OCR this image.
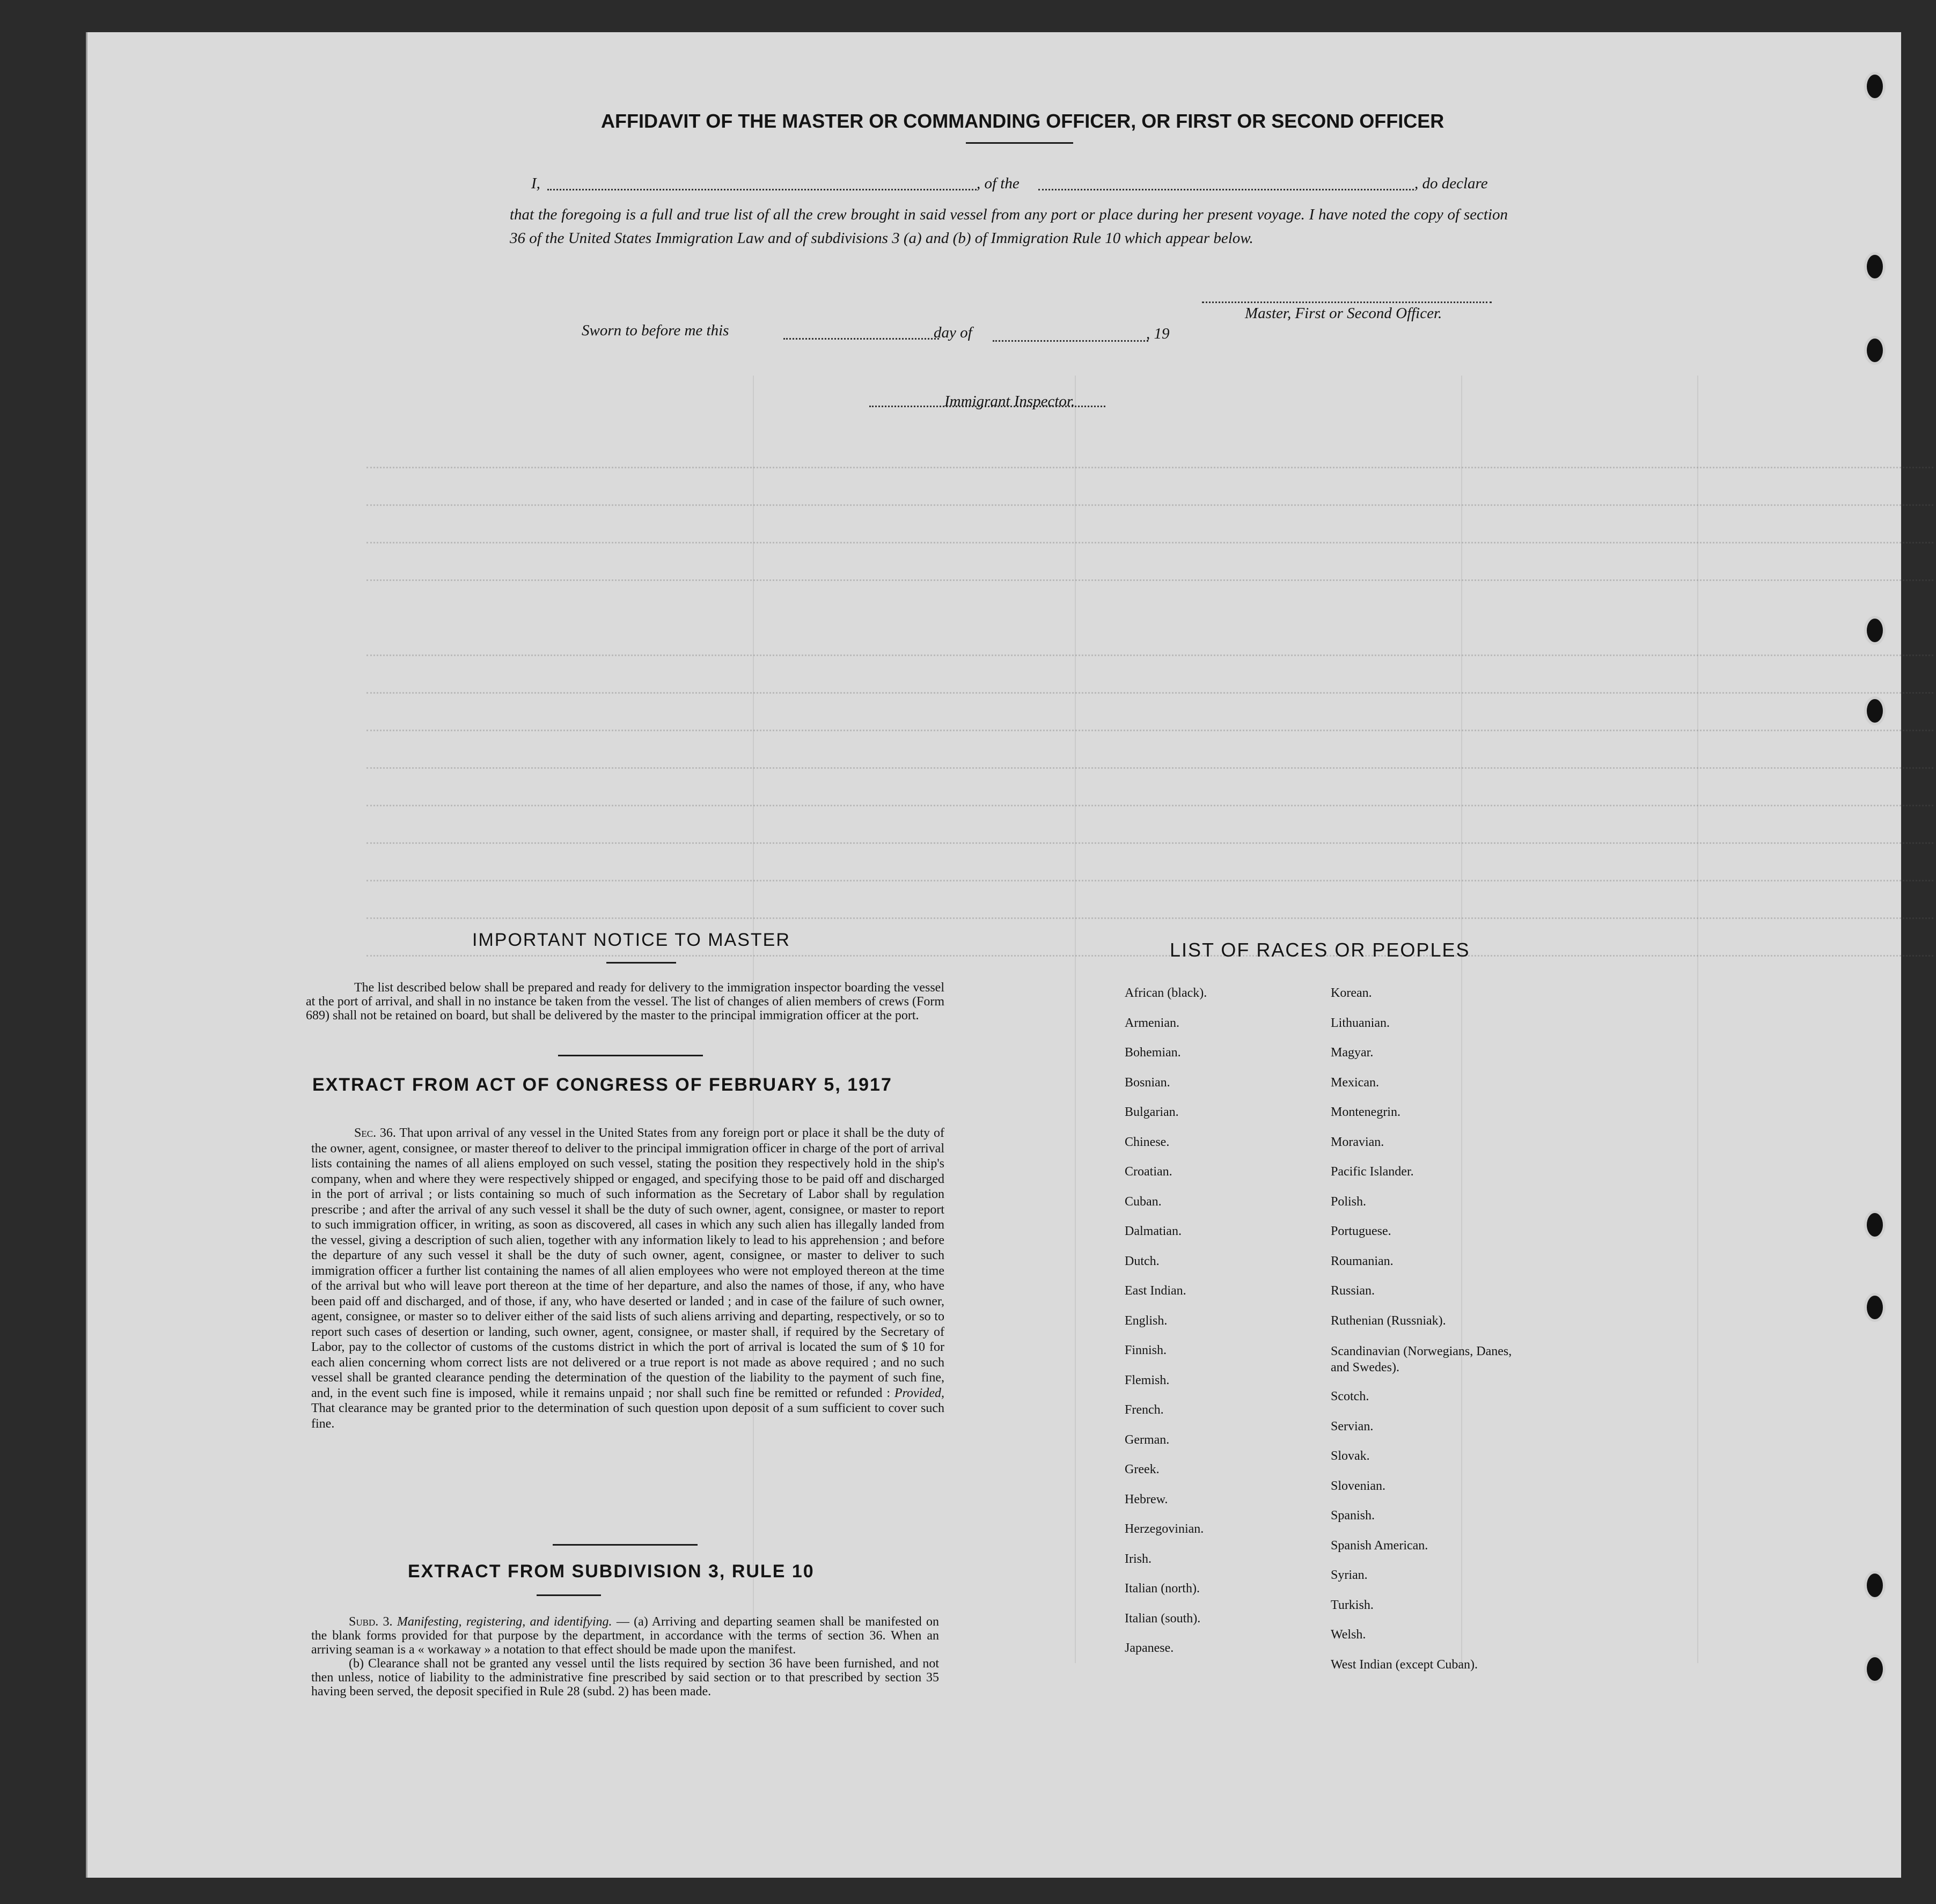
AFFIDAVIT OF THE MASTER OR COMMANDING OFFICER, OR FIRST OR SECOND OFFICER
I,	, of the	, do declare
that the foregoing is a full and true list of all the crew brought in said vessel from any port or place during her present voyage. I have noted the copy of section 36 of the United States Immigration Law and of subdivisions 3 (a) and (b) of Immigration Rule 10 which appear below.
Master, First or Second Officer.
Sworn to before me this	day of	, 19
Immigrant Inspector.
IMPORTANT NOTICE TO MASTER
The list described below shall be prepared and ready for delivery to the immigration inspector boarding the vessel at the port of arrival, and shall in no instance be taken from the vessel. The list of changes of alien members of crews (Form 689) shall not be retained on board, but shall be delivered by the master to the principal immigration officer at the port.
EXTRACT FROM ACT OF CONGRESS OF FEBRUARY 5, 1917
Sec. 36. That upon arrival of any vessel in the United States from any foreign port or place it shall be the duty of the owner, agent, consignee, or master thereof to deliver to the principal immigration officer in charge of the port of arrival lists containing the names of all aliens employed on such vessel, stating the position they respectively hold in the ship's company, when and where they were respectively shipped or engaged, and specifying those to be paid off and discharged in the port of arrival ; or lists containing so much of such information as the Secretary of Labor shall by regulation prescribe ; and after the arrival of any such vessel it shall be the duty of such owner, agent, consignee, or master to report to such immigration officer, in writing, as soon as discovered, all cases in which any such alien has illegally landed from the vessel, giving a description of such alien, together with any information likely to lead to his apprehension ; and before the departure of any such vessel it shall be the duty of such owner, agent, consignee, or master to deliver to such immigration officer a further list containing the names of all alien employees who were not employed thereon at the time of the arrival but who will leave port thereon at the time of her departure, and also the names of those, if any, who have been paid off and discharged, and of those, if any, who have deserted or landed ; and in case of the failure of such owner, agent, consignee, or master so to deliver either of the said lists of such aliens arriving and departing, respectively, or so to report such cases of desertion or landing, such owner, agent, consignee, or master shall, if required by the Secretary of Labor, pay to the collector of customs of the customs district in which the port of arrival is located the sum of $ 10 for each alien concerning whom correct lists are not delivered or a true report is not made as above required ; and no such vessel shall be granted clearance pending the determination of the question of the liability to the payment of such fine, and, in the event such fine is imposed, while it remains unpaid ; nor shall such fine be remitted or refunded : Provided, That clearance may be granted prior to the determination of such question upon deposit of a sum sufficient to cover such fine.
EXTRACT FROM SUBDIVISION 3, RULE 10
Subd. 3. Manifesting, registering, and identifying. — (a) Arriving and departing seamen shall be manifested on the blank forms provided for that purpose by the department, in accordance with the terms of section 36. When an arriving seaman is a « workaway » a notation to that effect should be made upon the manifest.
(b) Clearance shall not be granted any vessel until the lists required by section 36 have been furnished, and not then unless, notice of liability to the administrative fine prescribed by said section or to that prescribed by section 35 having been served, the deposit specified in Rule 28 (subd. 2) has been made.
LIST OF RACES OR PEOPLES
African (black).
Armenian.
Bohemian.
Bosnian.
Bulgarian.
Chinese.
Croatian.
Cuban.
Dalmatian.
Dutch.
East Indian.
English.
Finnish.
Flemish.
French.
German.
Greek.
Hebrew.
Herzegovinian.
Irish.
Italian (north).
Italian (south).
Japanese.
Korean.
Lithuanian.
Magyar.
Mexican.
Montenegrin.
Moravian.
Pacific Islander.
Polish.
Portuguese.
Roumanian.
Russian.
Ruthenian (Russniak).
Scandinavian (Norwegians, Danes, and Swedes).
Scotch.
Servian.
Slovak.
Slovenian.
Spanish.
Spanish American.
Syrian.
Turkish.
Welsh.
West Indian (except Cuban).
